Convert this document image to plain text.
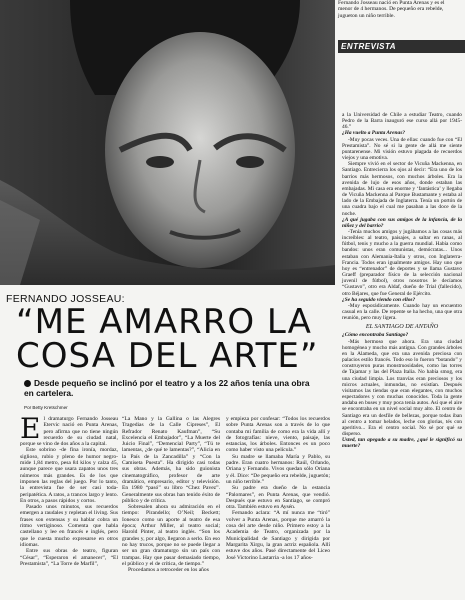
Fernando Josseau nació en Punta Arenas y es el menor de 4 hermanos. De pequeño era rebelde, jugueton un niño terrible.
ENTREVISTA
FERNANDO JOSSEAU:
“ME AMARRO LA COSA DEL ARTE”
Desde pequeño se inclinó por el teatro y a los 22 años tenía una obra en cartelera.
Por Betty Kretschmer
E l dramaturgo Fernando Josseau Etervic nació en Punta Arenas, pero afirma que no tiene ningún recuerdo de su ciudad natal, porque se vino de dos años a la capital.

Este sobrino -de fina ironía, mordaz, siglioso, rubio y pleno de humor negro- mide 1,84 metro, pesa 84 kilos y calza 45, aunque parece que usara zapatos unos tres números más grandes. Es de los que imponen las reglas del juego. Por lo tanto, la entrevista fue de ser casi toda- peripatética. A ratos, a trancos largo y lento. En otros, a pasos rápidos y cortos.

Pasado unos minutos, sus recuerdos emergen a raudales y repletan el living. Sus frases son extensas y su hablar cobra un ritmo vertiginoso. Comenta que habla castellano y lee en francés e inglés, pero que le cuesta mucho expresarse en otros idiomas.

Entre sus obras de teatro, figuran “César”, “Esperaron el amanecer”, “El Prestamista”, “La Torre de Marfil”,

“La Mano y la Gallina o las Alegres Tragedias de la Calle Cipreses”, El Refrador Renato Kaufman”, “Su Excelencia el Embajador”, “La Muerte del Juicio Final”, “Demencial Party”, “Tú te lamentas, ¿de qué te lamentas?”, “Alicia en la País de la Zancadilla” y “Con la Camiseta Puesta”. Ha dirigido casi todas sus obras. Además, ha sido guionista cinematográfico, profesor de arte dramático, empresario, editor y televisión. En 1980 “pasó” su libro “Chez Pavez”. Generalmente sus obras han tenido éxito de público y de crítica.

Sobresalen ahora su admiración en el tiempo: Pirandello; O’Neil; Beckett; Ionesco como un aporte al teatro de esa época; Arthur Miller, al teatro social; Harold Pinter, al teatro inglés. “Son los grandes y, por algo, llegaron a serlo. En eso no hay trucos, porque no se puede llegar a ser un gran dramaturgo sin un país con trampas. Hay que pasar demasiado tiempo, el público y el de crítica, de tiempo.”

Procedamos a retroceder en los años

y empieza por confesar: “Todos los recuerdos sobre Punta Arenas son a través de lo que contaba mi familia de como era la vida allí y de fotografías: nieve, viento, paisaje, las estancias, los árboles. Entonces es un poco como haber visto una película.”

Su madre se llamaba María y Pablo, su padre. Eran cuatro hermanos: Raúl, Orlando, Oriana y Fernando. Vivos quedan sólo Oriana y él. Dice: “De pequeño era rebelde, juguetón; un niño terrible.”

Su padre era dueño de la estancia “Palomares”, en Punta Arenas, que vendió. Después que estuvo en Santiago, se compró otra. También estuvo en Aysén.

Fernando aclara: “A mí nunca me “tiró” volver a Punta Arenas, porque me amarró la cosa del arte desde niño. Primero estoy a la Academia de Teatro, organizada por la Municipalidad de Santiago y dirigida por Margarita Xirgu, la gran actriz española. Allí estuve dos años. Pasé directamente del Liceo José Victorino Lastarria -a los 17 años-

a la Universidad de Chile a estudiar Teatro, cuando Pedro de la Barra inauguró ese curso allá por 1945-46.”

¿Ha vuelto a Punta Arenas?

-Muy pocas veces. Una de ellas: cuando fue con “El Prestamista”. No sé si la gente de allá me siente puntarenense. Mi visión estuvo plagada de recuerdos viejos y una emotiva.

Siempre vivió en el sector de Vicuña Mackenna, en Santiago. Entrecierra los ojos al decir: “Era uno de los barrios más hermosos, con muchos árboles. Era la avenida de lujo de esos años, donde estaban las embajadas. Mi casa era enorme y ‘fantástica’ y llegaba de Vicuña Mackenna al Parque Bustamante y estaba al lado de la Embajada de Inglaterra. Tenía un portón de una cuadra bajo el cual me pasaban a las doce de la noche.

¿A qué jugaba con sus amigos de la infancia, de la niñez y del barrio?

-Tenía muchos amigos y jugábamos a las cosas más increíbles: al teatro, paisajes, a saltar en ranas, al fútbol, tenis y mucho a la guerra mundial. Había como bandos: unos eran comunistas, demócratas... Unos estaban con Alemania-Italia y otros, con Inglaterra-Francia. Todos eran igualmente amigos. Hay uno que hoy es “entrenador” de deportes y se llama Gustavo Graeff (preparador físico de la selección nacional juvenil de fútbol), otros nosotros le decíamos “Gustavo”, otro era Aldaf, dueño de Trial (fallecido), otro Béjares, que fue General de Ejército.

¿Se ha seguido viendo con ellos?

-Muy esporádicamente. Cuando hay un encuentro casual en la calle. De repente se ha hecho, una que otra reunión, pero muy ligera.

EL SANTIAGO DE ANTAÑO

¿Cómo encontraba Santiago?

-Más hermoso que ahora. Era una ciudad homogénea y mucho más antigua. Con grandes árboles en la Alameda, que era una avenida preciosa con palacios estilo francés. Todo eso lo fueron “botando” y construyeron puras monstruosidades, como las torres de Tajamar y las del Plaza Italia. No había smog, era una ciudad limpia. Los tranvías eran preciosos y los micros actuales, inmundas, no existían. Después visitamos las tiendas que eran elegantes, con muchos espectadores y con muchas conocidos. Toda la gente andaba en buses y muy poca tenía autos. Así que el aire se encontraba en un nivel social muy alto. El centro de Santiago era un desfile de bellezas, porque todas iban al centro a tomar helados, leche con glorias, tés con aperitivo... Era el centro social. No sé por qué se disperso.

Usted, tan apegado a su madre, ¿qué le significó su muerte?
